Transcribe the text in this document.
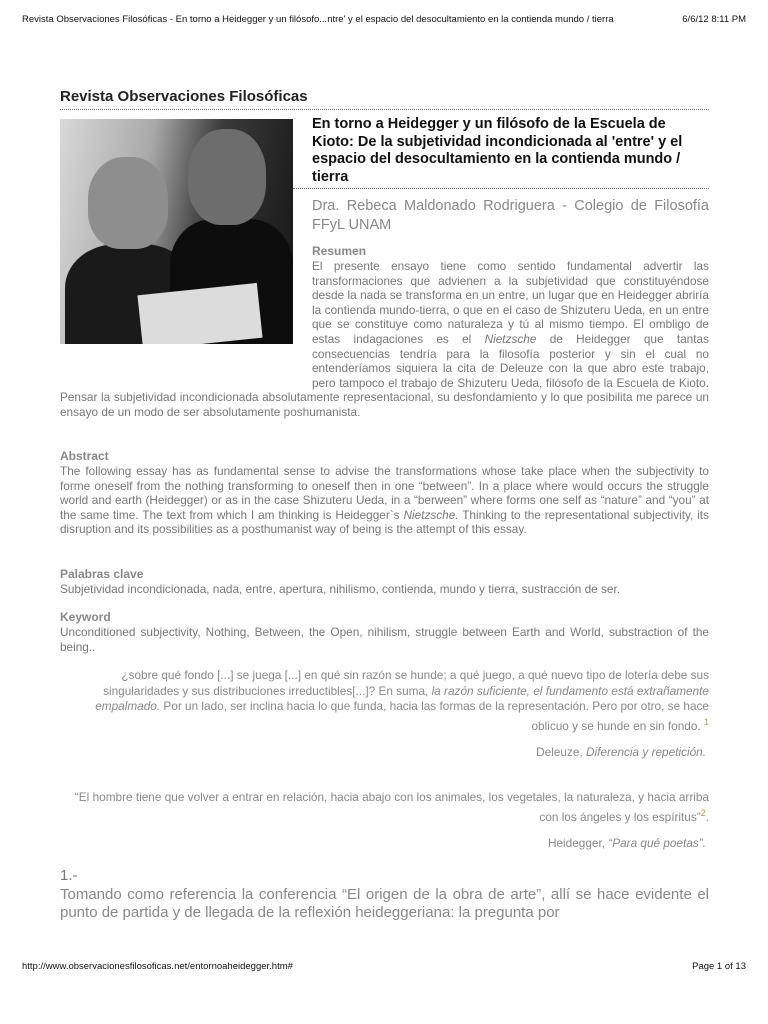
Revista Observaciones Filosóficas - En torno a Heidegger y un filósofo...ntre' y el espacio del desocultamiento en la contienda mundo / tierra	6/6/12 8:11 PM
Revista Observaciones Filosóficas
En torno a Heidegger y un filósofo de la Escuela de Kioto: De la subjetividad incondicionada al 'entre' y el espacio del desocultamiento en la contienda mundo / tierra

Dra. Rebeca Maldonado Rodriguera - Colegio de Filosofía FFyL UNAM

Resumen

El presente ensayo tiene como sentido fundamental advertir las transformaciones que advienen a la subjetividad que constituyéndose desde la nada se transforma en un entre, un lugar que en Heidegger abriría la contienda mundo-tierra, o que en el caso de Shizuteru Ueda, en un entre que se constituye como naturaleza y tú al mismo tiempo. El ombligo de estas indagaciones es el Nietzsche de Heidegger que tantas consecuencias tendría para la filosofía posterior y sin el cual no entenderíamos siquiera la cita de Deleuze con la que abro este trabajo, pero tampoco el trabajo de Shizuteru Ueda, filósofo de la Escuela de Kioto. Pensar la subjetividad incondicionada absolutamente representacional, su desfondamiento y lo que posibilita me parece un ensayo de un modo de ser absolutamente poshumanista.

Abstract

The following essay has as fundamental sense to advise the transformations whose take place when the subjectivity to forme oneself from the nothing transforming to oneself then in one “between”. In a place where would occurs the struggle world and earth (Heidegger) or as in the case Shizuteru Ueda, in a “berween” where forms one self as “nature” and “you” at the same time. The text from which I am thinking is Heidegger`s Nietzsche. Thinking to the representational subjectivity, its disruption and its possibilities as a posthumanist way of being is the attempt of this essay.

Palabras clave

Subjetividad incondicionada, nada, entre, apertura, nihilismo, contienda, mundo y tierra, sustracción de ser.

Keyword

Unconditioned subjectivity, Nothing, Between, the Open, nihilism, struggle between Earth and World, substraction of the being..

¿sobre qué fondo [...] se juega [...] en qué sin razón se hunde; a qué juego, a qué nuevo tipo de lotería debe sus singularidades y sus distribuciones irreductibles[...]? En suma, la razón suficiente, el fundamento está extrañamente empalmado. Por un lado, ser inclina hacia lo que funda, hacia las formas de la representación. Pero por otro, se hace oblicuo y se hunde en sin fondo. $^1$

Deleuze, Diferencia y repetición.

“El hombre tiene que volver a entrar en relación, hacia abajo con los animales, los vegetales, la naturaleza, y hacia arriba con los ángeles y los espíritus”$^2$.

Heidegger, “Para qué poetas”.

1.-

Tomando como referencia la conferencia “El origen de la obra de arte”, allí se hace evidente el punto de partida y de llegada de la reflexión heideggeriana: la pregunta por

http://www.observacionesfilosoficas.net/entornoaheidegger.htm#	Page 1 of 13
